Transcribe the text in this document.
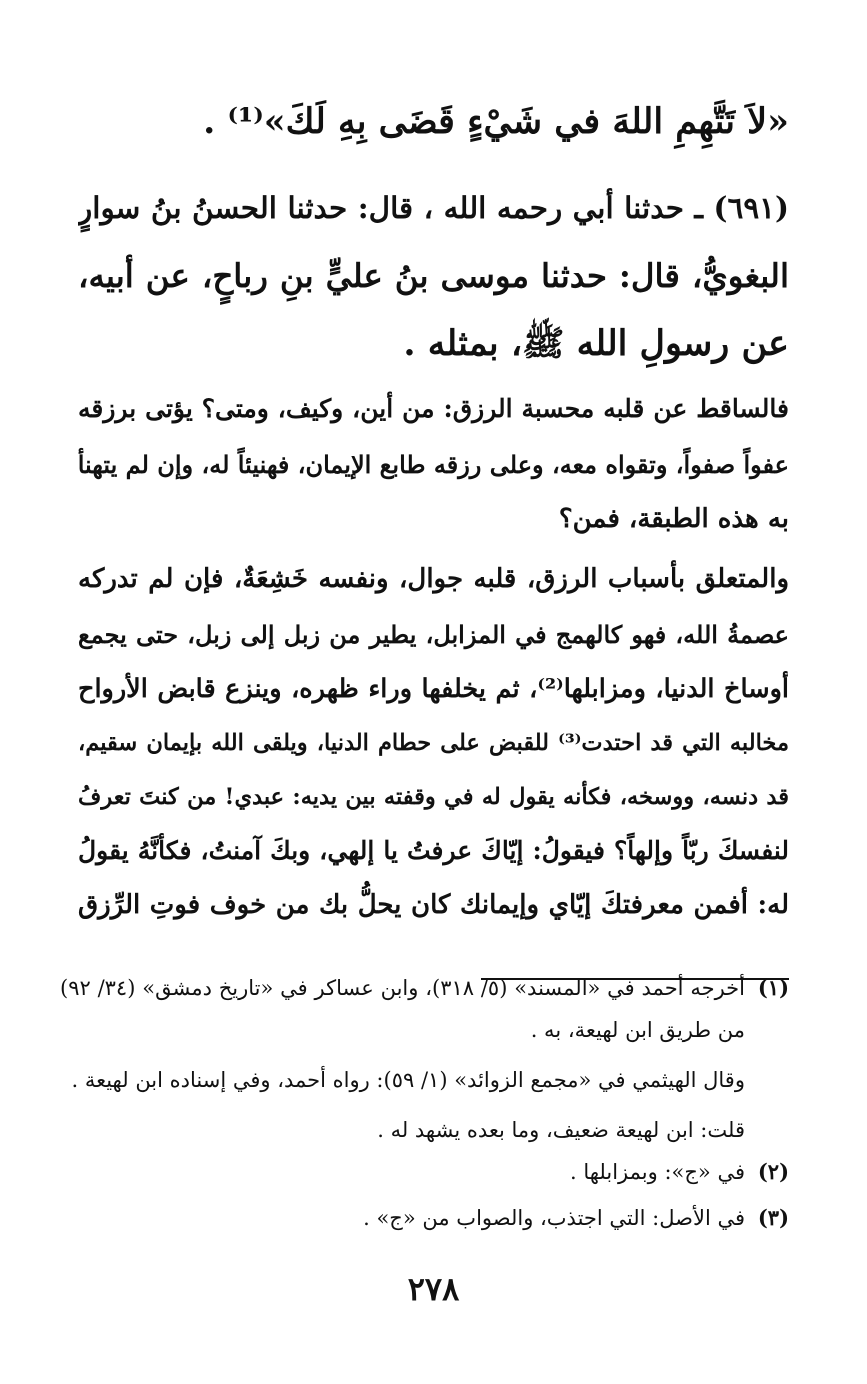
«لاَ تَتَّهِمِ اللهَ في شَيْءٍ قَضَى بِهِ لَكَ»⁽¹⁾ .
(٦٩١) ـ حدثنا أبي رحمه الله ، قال: حدثنا الحسنُ بنُ سوارٍ
البغويُّ، قال: حدثنا موسى بنُ عليٍّ بنِ رباحٍ، عن أبيه،
عن رسولِ الله ﷺ، بمثله .
فالساقط عن قلبه محسبة الرزق: من أين، وكيف، ومتى؟ يؤتى برزقه
عفواً صفواً، وتقواه معه، وعلى رزقه طابع الإيمان، فهنيئاً له، وإن لم يتهنأ
به هذه الطبقة، فمن؟
والمتعلق بأسباب الرزق، قلبه جوال، ونفسه خَشِعَةٌ، فإن لم تدركه
عصمةُ الله، فهو كالهمج في المزابل، يطير من زبل إلى زبل، حتى يجمع
أوساخ الدنيا، ومزابلها⁽²⁾، ثم يخلفها وراء ظهره، وينزع قابض الأرواح
مخالبه التي قد احتدت⁽³⁾ للقبض على حطام الدنيا، ويلقى الله بإيمان سقيم،
قد دنسه، ووسخه، فكأنه يقول له في وقفته بين يديه: عبدي! من كنتَ تعرفُ
لنفسكَ ربّاً وإلهاً؟ فيقولُ: إيّاكَ عرفتُ يا إلهي، وبكَ آمنتُ، فكأنَّهُ يقولُ
له: أفمن معرفتكَ إيّاي وإيمانك كان يحلُّ بك من خوف فوتِ الرِّزق
(١)
أخرجه أحمد في «المسند» (٥/ ٣١٨)، وابن عساكر في «تاريخ دمشق» (٣٤/ ٩٢)
من طريق ابن لهيعة، به .
وقال الهيثمي في «مجمع الزوائد» (١/ ٥٩): رواه أحمد، وفي إسناده ابن لهيعة .
قلت: ابن لهيعة ضعيف، وما بعده يشهد له .
(٢)
في «ج»: وبمزابلها .
(٣)
في الأصل: التي اجتذب، والصواب من «ج» .
٢٧٨
